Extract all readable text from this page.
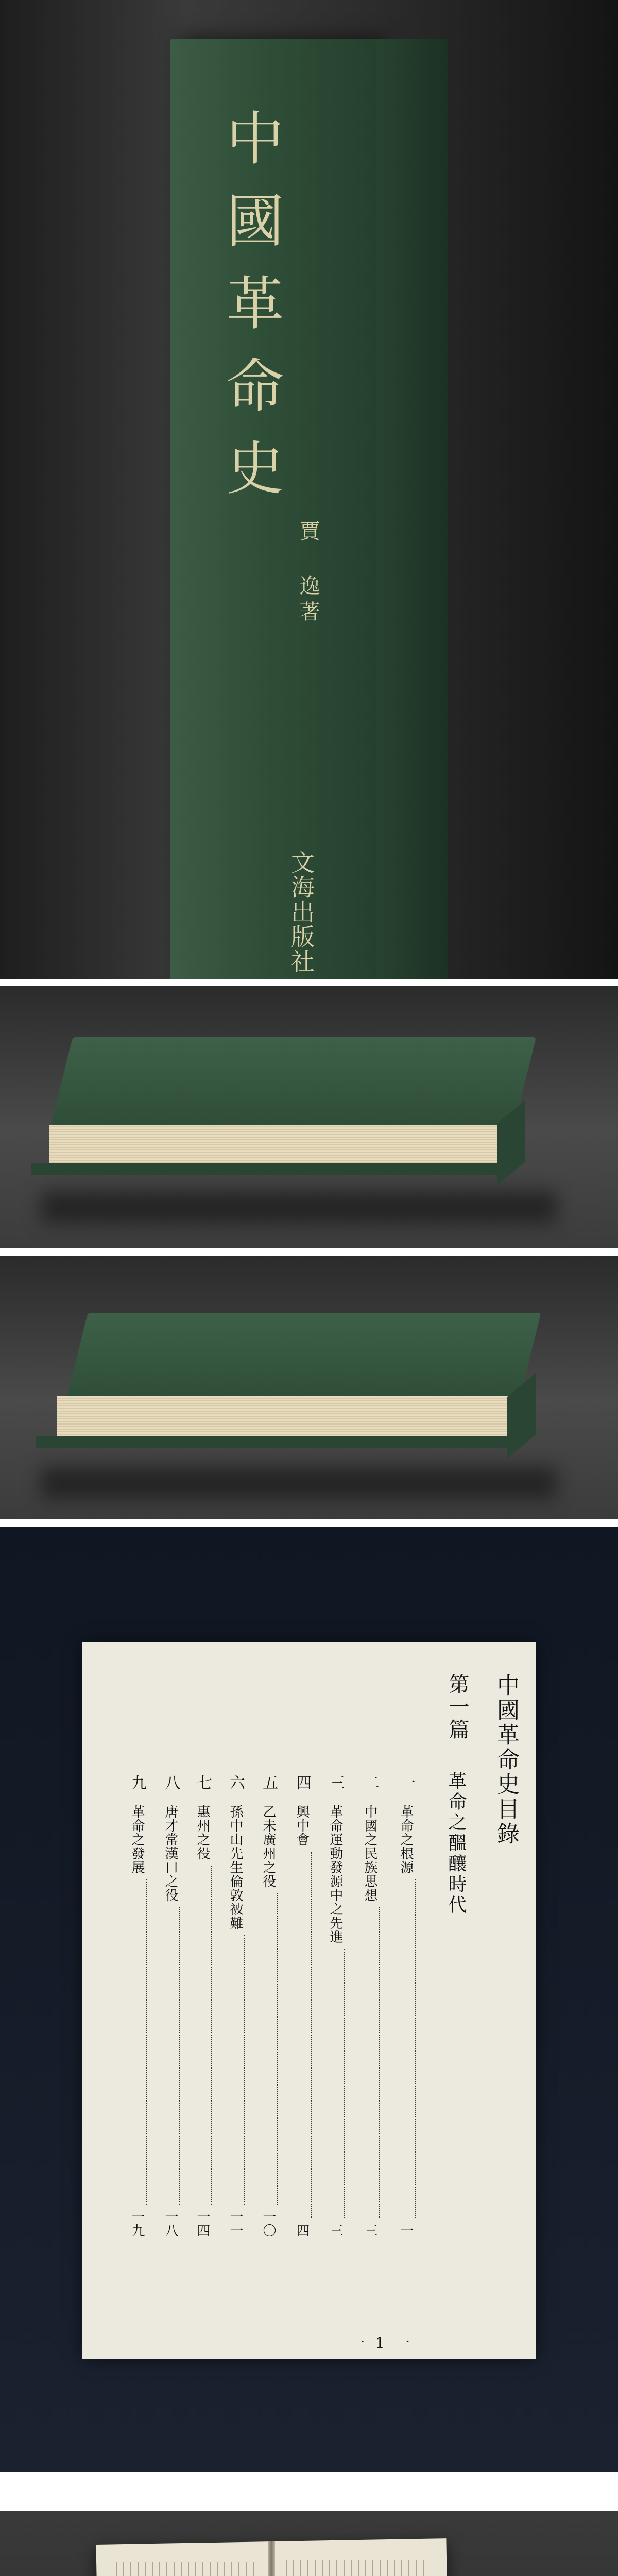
中國革命史
賈 逸著
文海出版社
中國革命史目錄
第一篇
革命之醞釀時代
一
革命之根源
一
二
中國之民族思想
三
三
革命運動發源中之先進
三
四
興中會
四
五
乙未廣州之役
一〇
六
孫中山先生倫敦被難
一一
七
惠州之役
一四
八
唐才常漢口之役
一八
九
革命之發展
一九
一 1 一
